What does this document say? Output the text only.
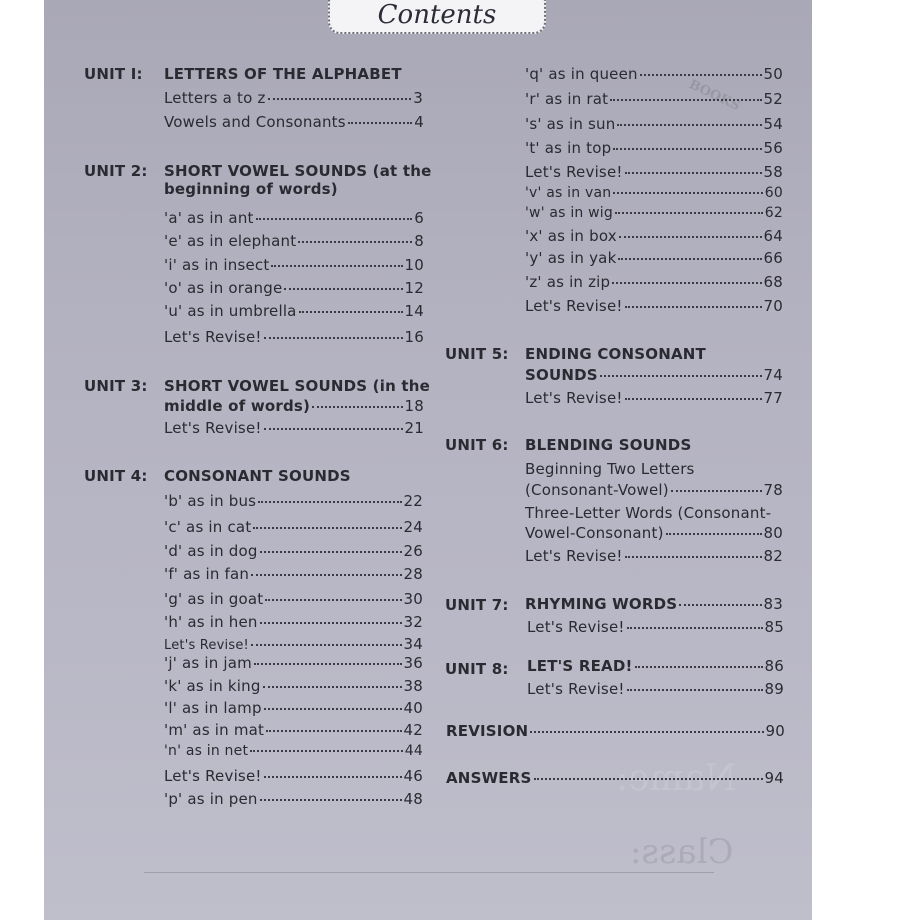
BOOKS
Name:
Class:
Contents
UNIT I: LETTERS OF THE ALPHABET
Letters a to z	3
Vowels and Consonants	4
UNIT 2: SHORT VOWEL SOUNDS (at the
beginning of words)
'a' as in ant	6
'e' as in elephant	8
'i' as in insect	10
'o' as in orange	12
'u' as in umbrella	14
Let's Revise!	16
UNIT 3: SHORT VOWEL SOUNDS (in the
middle of words)	18
Let's Revise!	21
UNIT 4: CONSONANT SOUNDS
'b' as in bus	22
'c' as in cat	24
'd' as in dog	26
'f' as in fan	28
'g' as in goat	30
'h' as in hen	32
Let's Revise!	34
'j' as in jam	36
'k' as in king	38
'l' as in lamp	40
'm' as in mat	42
'n' as in net	44
Let's Revise!	46
'p' as in pen	48
'q' as in queen	50
'r' as in rat	52
's' as in sun	54
't' as in top	56
Let's Revise!	58
'v' as in van	60
'w' as in wig	62
'x' as in box	64
'y' as in yak	66
'z' as in zip	68
Let's Revise!	70
UNIT 5: ENDING CONSONANT
SOUNDS	74
Let's Revise!	77
UNIT 6: BLENDING SOUNDS
Beginning Two Letters
(Consonant-Vowel)	78
Three-Letter Words (Consonant-
Vowel-Consonant)	80
Let's Revise!	82
UNIT 7: RHYMING WORDS	83
Let's Revise!	85
UNIT 8: LET'S READ!	86
Let's Revise!	89
REVISION	90
ANSWERS	94
